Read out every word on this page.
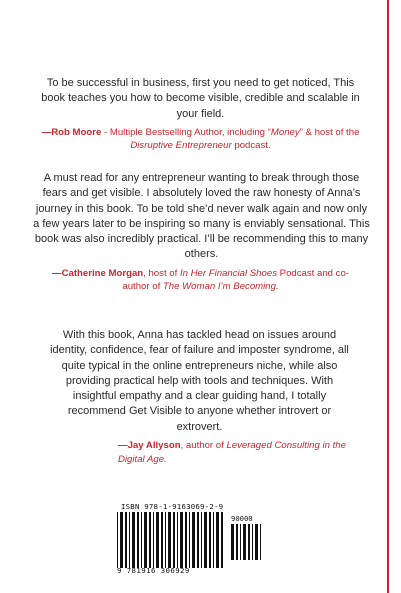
To be successful in business, first you need to get noticed, This book teaches you how to become visible, credible and scalable in your field.

—Rob Moore - Multiple Bestselling Author, including “Money” & host of the Disruptive Entrepreneur podcast.

A must read for any entrepreneur wanting to break through those fears and get visible. I absolutely loved the raw honesty of Anna’s journey in this book. To be told she’d never walk again and now only a few years later to be inspiring so many is enviably sensational. This book was also incredibly practical. I’ll be recommending this to many others.

—Catherine Morgan, host of In Her Financial Shoes Podcast and co-author of The Woman I’m Becoming.

With this book, Anna has tackled head on issues around identity, confidence, fear of failure and imposter syndrome, all quite typical in the online entrepreneurs niche, while also providing practical help with tools and techniques. With insightful empathy and a clear guiding hand, I totally recommend Get Visible to anyone whether introvert or extrovert.

—Jay Allyson, author of Leveraged Consulting in the Digital Age.

ISBN 978-1-9163069-2-9
90000
9 781916 306929
